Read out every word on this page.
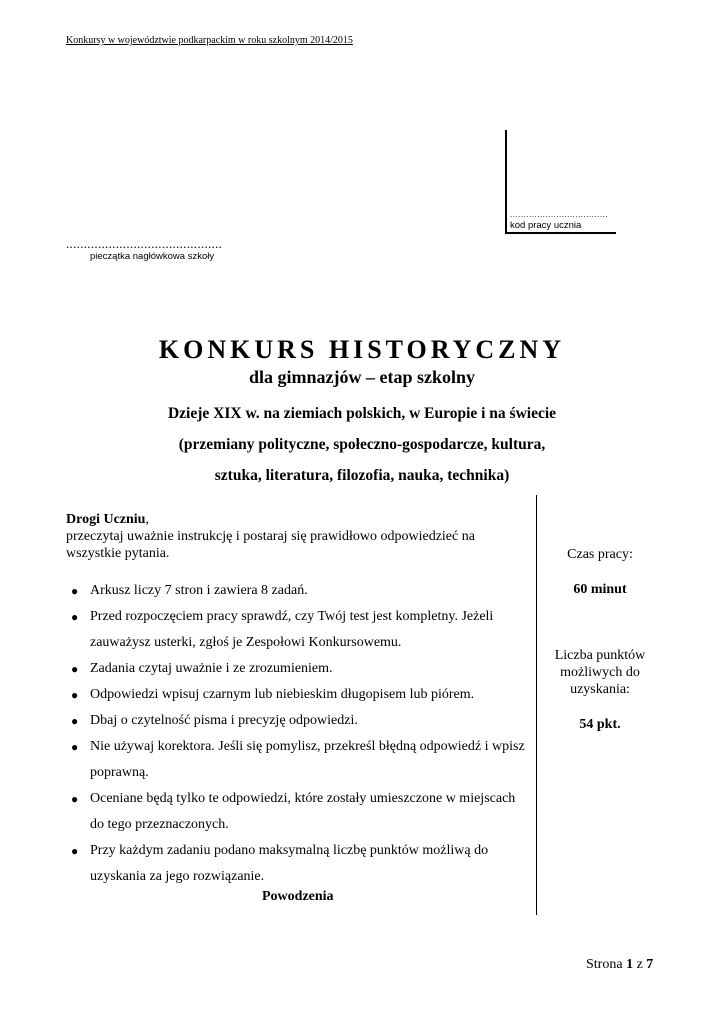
Konkursy w województwie podkarpackim w roku szkolnym 2014/2015
....................................
kod pracy ucznia
............................................
pieczątka nagłówkowa szkoły
KONKURS HISTORYCZNY
dla gimnazjów – etap szkolny
Dzieje XIX w. na ziemiach polskich, w Europie i na świecie
(przemiany polityczne, społeczno-gospodarcze, kultura,
sztuka, literatura, filozofia, nauka, technika)
Drogi Uczniu,
przeczytaj uważnie instrukcję i postaraj się prawidłowo odpowiedzieć na wszystkie pytania.
● Arkusz liczy 7 stron i zawiera 8 zadań.
● Przed rozpoczęciem pracy sprawdź, czy Twój test jest kompletny. Jeżeli zauważysz usterki, zgłoś je Zespołowi Konkursowemu.
● Zadania czytaj uważnie i ze zrozumieniem.
● Odpowiedzi wpisuj czarnym lub niebieskim długopisem lub piórem.
● Dbaj o czytelność pisma i precyzję odpowiedzi.
● Nie używaj korektora. Jeśli się pomylisz, przekreśl błędną odpowiedź i wpisz poprawną.
● Oceniane będą tylko te odpowiedzi, które zostały umieszczone w miejscach do tego przeznaczonych.
● Przy każdym zadaniu podano maksymalną liczbę punktów możliwą do uzyskania za jego rozwiązanie.
Powodzenia
Czas pracy:
60 minut
Liczba punktów możliwych do uzyskania:
54 pkt.
Strona 1 z 7
